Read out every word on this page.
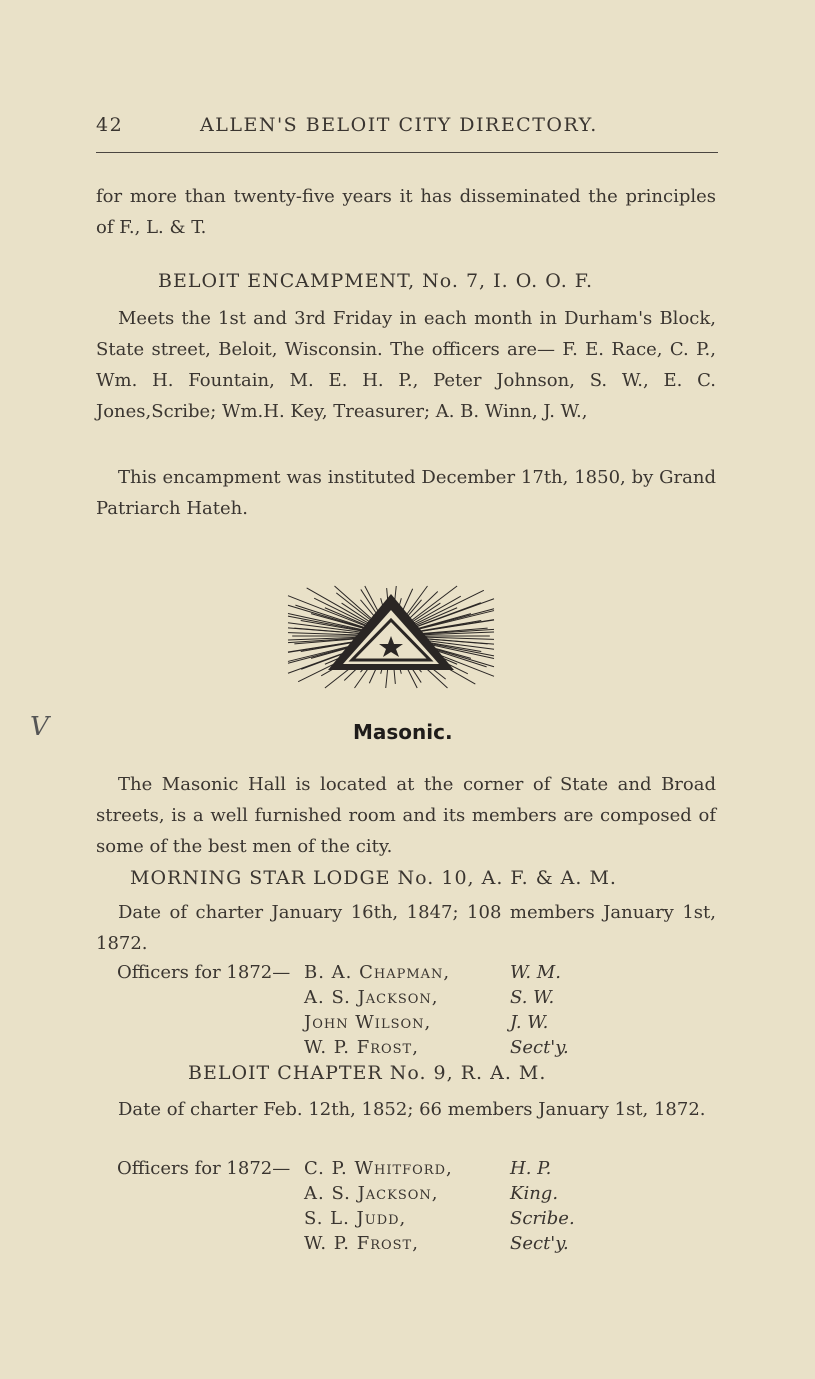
42	ALLEN'S BELOIT CITY DIRECTORY.
for more than twenty-five years it has disseminated the principles of F., L. & T.
BELOIT ENCAMPMENT, No. 7, I. O. O. F.
Meets the 1st and 3rd Friday in each month in Durham's Block, State street, Beloit, Wisconsin. The officers are— F. E. Race, C. P., Wm. H. Fountain, M. E. H. P., Peter Johnson, S. W., E. C. Jones,Scribe; Wm.H. Key, Treasurer; A. B. Winn, J. W.,
This encampment was instituted December 17th, 1850, by Grand Patriarch Hateh.
V	Masonic.
The Masonic Hall is located at the corner of State and Broad streets, is a well furnished room and its members are composed of some of the best men of the city.
MORNING STAR LODGE No. 10, A. F. & A. M.
Date of charter January 16th, 1847; 108 members January 1st, 1872.
Officers for 1872— B. A. Chapman,	W. M.
A. S. Jackson,	S. W.
John Wilson,	J. W.
W. P. Frost,	Sect'y.
BELOIT CHAPTER No. 9, R. A. M.
Date of charter Feb. 12th, 1852; 66 members January 1st, 1872.
Officers for 1872— C. P. Whitford,	H. P.
A. S. Jackson,	King.
S. L. Judd,	Scribe.
W. P. Frost,	Sect'y.
